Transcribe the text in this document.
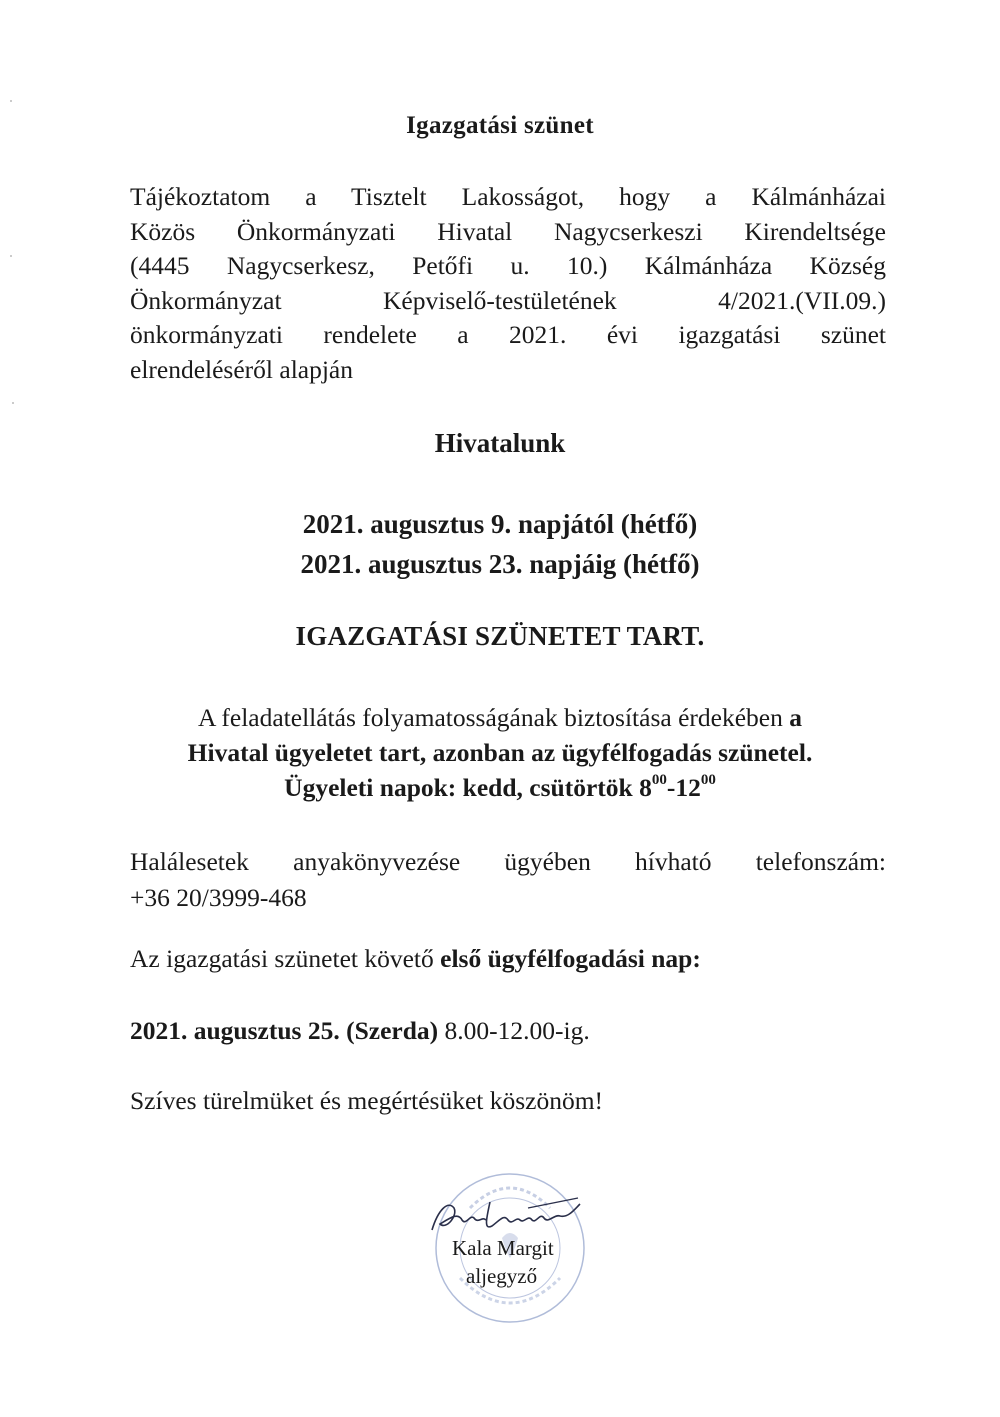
Igazgatási szünet
Tájékoztatom a Tisztelt Lakosságot, hogy a Kálmánházai
Közös Önkormányzati Hivatal Nagycserkeszi Kirendeltsége
(4445 Nagycserkesz, Petőfi u. 10.) Kálmánháza Község
Önkormányzat Képviselő-testületének 4/2021.(VII.09.)
önkormányzati rendelete a 2021. évi igazgatási szünet
elrendeléséről alapján
Hivatalunk
2021. augusztus 9. napjától (hétfő)
2021. augusztus 23. napjáig (hétfő)
IGAZGATÁSI SZÜNETET TART.
A feladatellátás folyamatosságának biztosítása érdekében a
Hivatal ügyeletet tart, azonban az ügyfélfogadás szünetel.
Ügyeleti napok: kedd, csütörtök $8^{00}-12^{00}$
Halálesetek anyakönyvezése ügyében hívható telefonszám:
+36 20/3999-468
Az igazgatási szünetet követő első ügyfélfogadási nap:
2021. augusztus 25. (Szerda) 8.00-12.00-ig.
Szíves türelmüket és megértésüket köszönöm!
Kala Margit
aljegyző
